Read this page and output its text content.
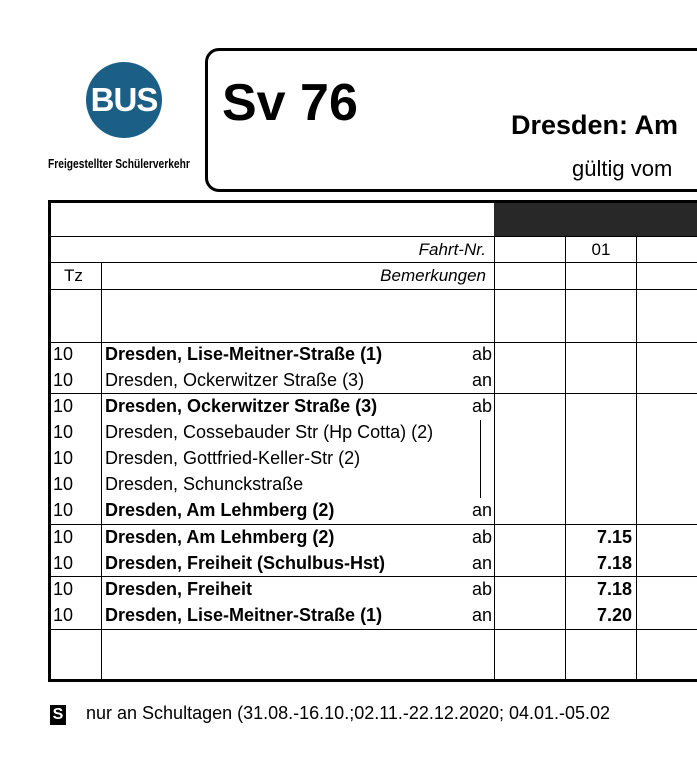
BUS
Freigestellter Schülerverkehr
Sv 76	Dresden: Am
gültig vom
Fahrt-Nr.	01
Tz	Bemerkungen
10 Dresden, Lise-Meitner-Straße (1)	ab
10 Dresden, Ockerwitzer Straße (3)	an
10 Dresden, Ockerwitzer Straße (3)	ab
10 Dresden, Cossebauder Str (Hp Cotta) (2)
10 Dresden, Gottfried-Keller-Str (2)
10 Dresden, Schunckstraße
10 Dresden, Am Lehmberg (2)	an
10 Dresden, Am Lehmberg (2)	ab	7.15
10 Dresden, Freiheit (Schulbus-Hst)	an	7.18
10 Dresden, Freiheit	ab	7.18
10 Dresden, Lise-Meitner-Straße (1)	an	7.20
S nur an Schultagen (31.08.-16.10.;02.11.-22.12.2020; 04.01.-05.02
